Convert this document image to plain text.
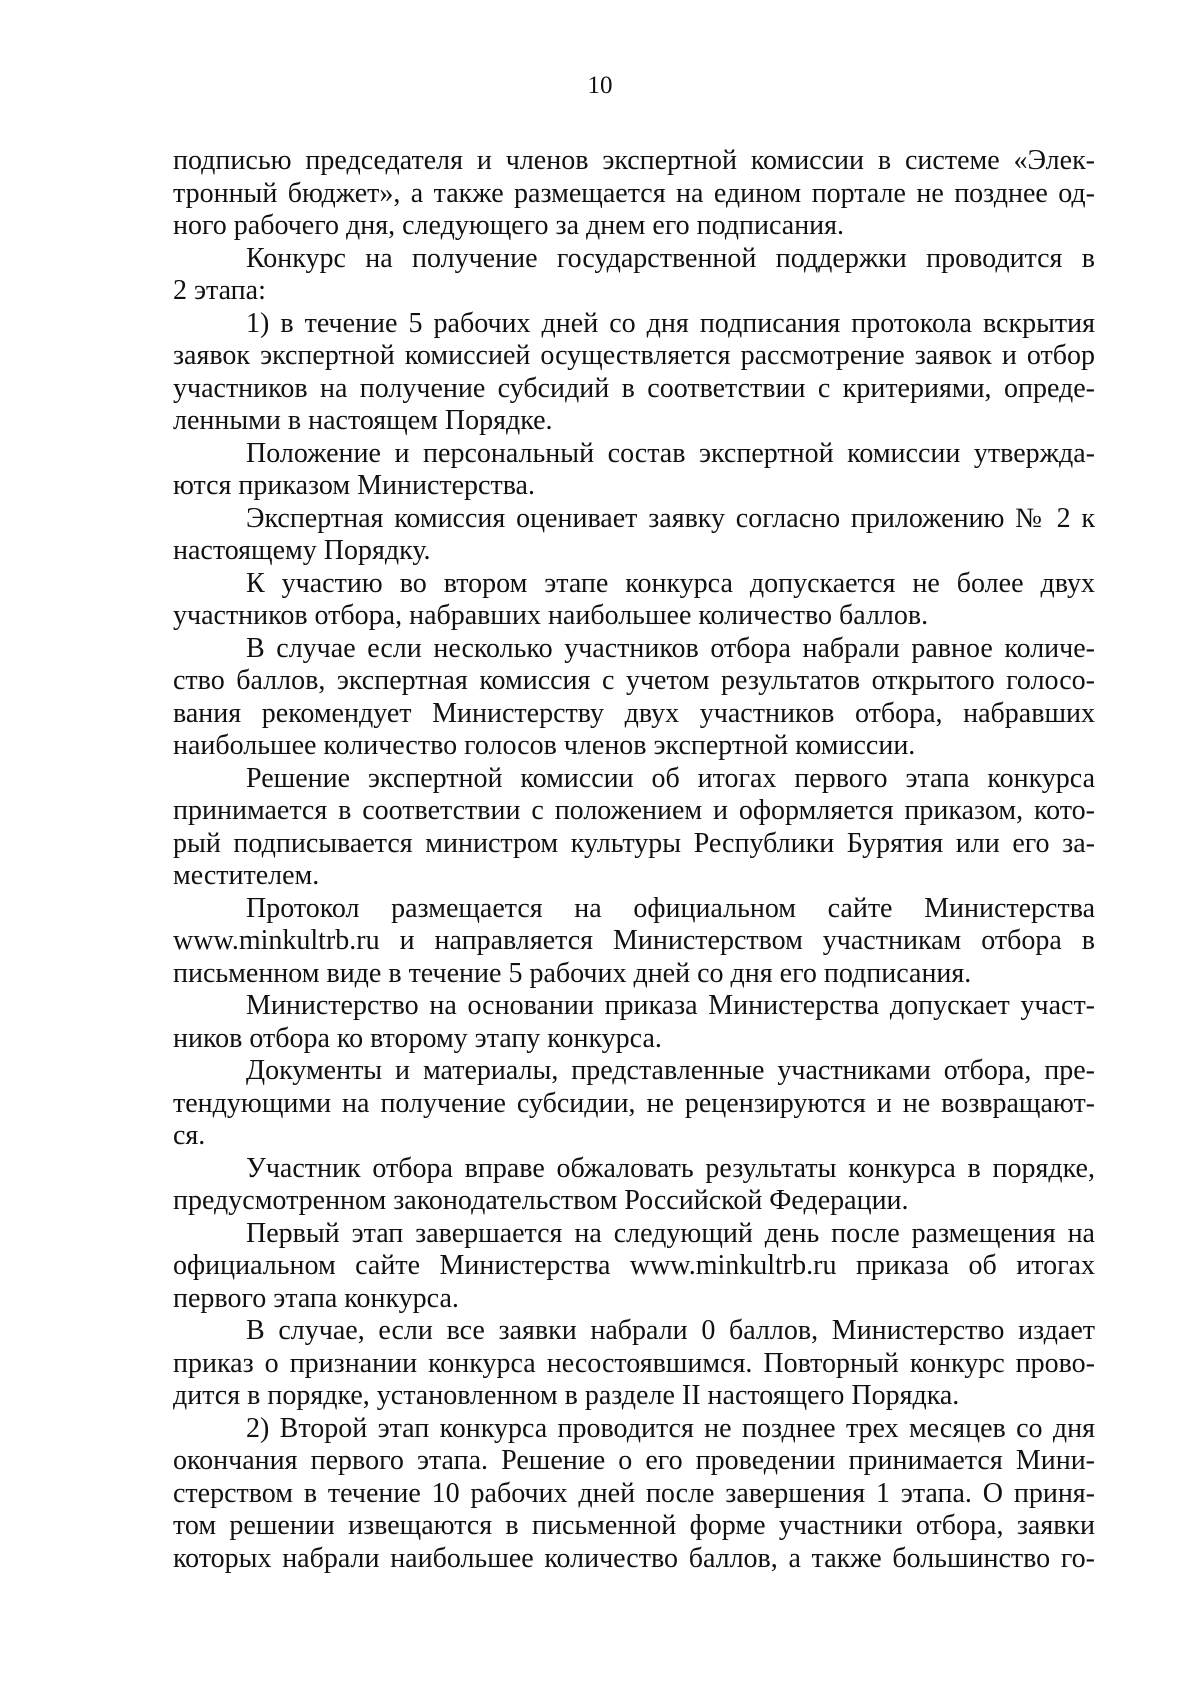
10
подписью председателя и членов экспертной комиссии в системе «Элек-
тронный бюджет», а также размещается на едином портале не позднее од-
ного рабочего дня, следующего за днем его подписания.
Конкурс на получение государственной поддержки проводится в
2 этапа:
1) в течение 5 рабочих дней со дня подписания протокола вскрытия
заявок экспертной комиссией осуществляется рассмотрение заявок и отбор
участников на получение субсидий в соответствии с критериями, опреде-
ленными в настоящем Порядке.
Положение и персональный состав экспертной комиссии утвержда-
ются приказом Министерства.
Экспертная комиссия оценивает заявку согласно приложению № 2 к
настоящему Порядку.
К участию во втором этапе конкурса допускается не более двух
участников отбора, набравших наибольшее количество баллов.
В случае если несколько участников отбора набрали равное количе-
ство баллов, экспертная комиссия с учетом результатов открытого голосо-
вания рекомендует Министерству двух участников отбора, набравших
наибольшее количество голосов членов экспертной комиссии.
Решение экспертной комиссии об итогах первого этапа конкурса
принимается в соответствии с положением и оформляется приказом, кото-
рый подписывается министром культуры Республики Бурятия или его за-
местителем.
Протокол размещается на официальном сайте Министерства
www.minkultrb.ru и направляется Министерством участникам отбора в
письменном виде в течение 5 рабочих дней со дня его подписания.
Министерство на основании приказа Министерства допускает участ-
ников отбора ко второму этапу конкурса.
Документы и материалы, представленные участниками отбора, пре-
тендующими на получение субсидии, не рецензируются и не возвращают-
ся.
Участник отбора вправе обжаловать результаты конкурса в порядке,
предусмотренном законодательством Российской Федерации.
Первый этап завершается на следующий день после размещения на
официальном сайте Министерства www.minkultrb.ru приказа об итогах
первого этапа конкурса.
В случае, если все заявки набрали 0 баллов, Министерство издает
приказ о признании конкурса несостоявшимся. Повторный конкурс прово-
дится в порядке, установленном в разделе II настоящего Порядка.
2) Второй этап конкурса проводится не позднее трех месяцев со дня
окончания первого этапа. Решение о его проведении принимается Мини-
стерством в течение 10 рабочих дней после завершения 1 этапа. О приня-
том решении извещаются в письменной форме участники отбора, заявки
которых набрали наибольшее количество баллов, а также большинство го-
